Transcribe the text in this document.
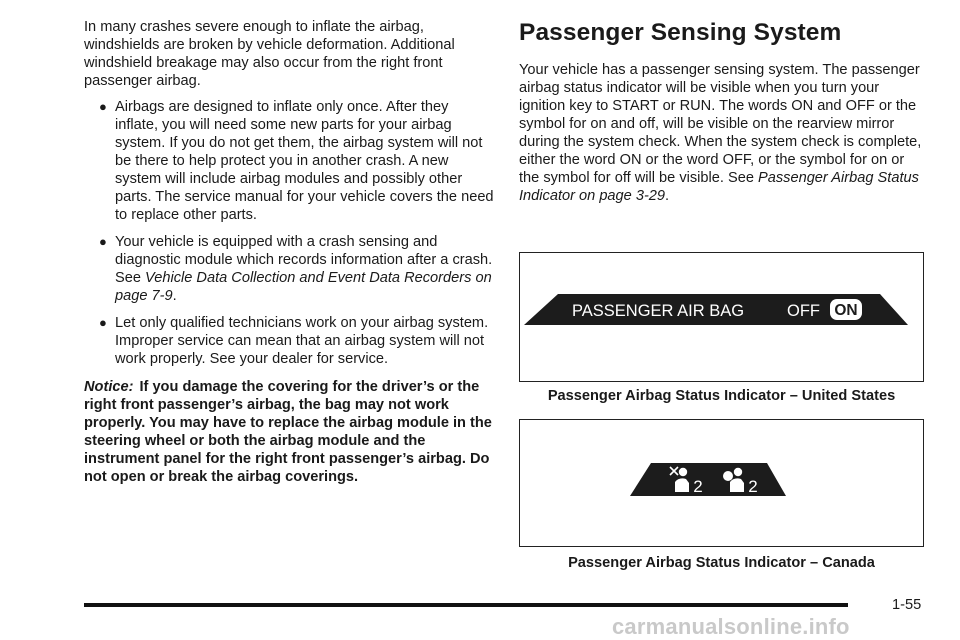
In many crashes severe enough to inflate the airbag, windshields are broken by vehicle deformation. Additional windshield breakage may also occur from the right front passenger airbag.

● Airbags are designed to inflate only once. After they inflate, you will need some new parts for your airbag system. If you do not get them, the airbag system will not be there to help protect you in another crash. A new system will include airbag modules and possibly other parts. The service manual for your vehicle covers the need to replace other parts.
● Your vehicle is equipped with a crash sensing and diagnostic module which records information after a crash. See Vehicle Data Collection and Event Data Recorders on page 7-9.
● Let only qualified technicians work on your airbag system. Improper service can mean that an airbag system will not work properly. See your dealer for service.

Notice: If you damage the covering for the driver’s or the right front passenger’s airbag, the bag may not work properly. You may have to replace the airbag module in the steering wheel or both the airbag module and the instrument panel for the right front passenger’s airbag. Do not open or break the airbag coverings.

Passenger Sensing System

Your vehicle has a passenger sensing system. The passenger airbag status indicator will be visible when you turn your ignition key to START or RUN. The words ON and OFF or the symbol for on and off, will be visible on the rearview mirror during the system check. When the system check is complete, either the word ON or the word OFF, or the symbol for on or the symbol for off will be visible. See Passenger Airbag Status Indicator on page 3-29.

PASSENGER AIR BAG	OFF ON
Passenger Airbag Status Indicator – United States
2	2
Passenger Airbag Status Indicator – Canada
1-55
carmanualsonline.info
